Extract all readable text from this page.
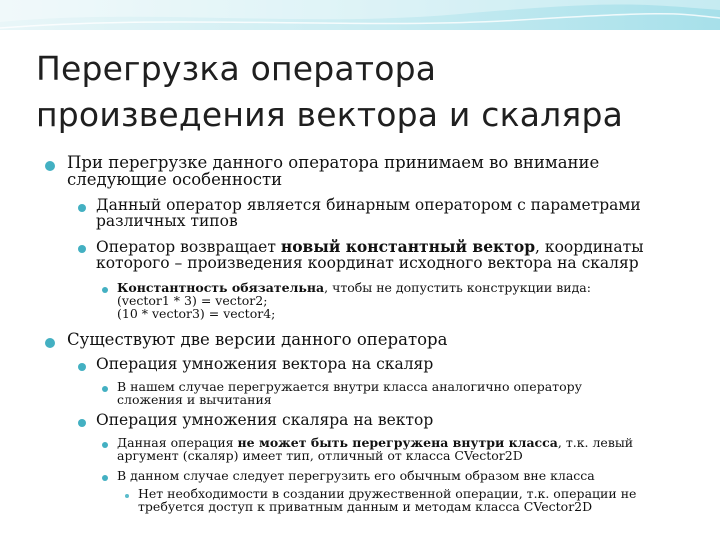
Перегрузка оператора
произведения вектора и скаляра
При перегрузке данного оператора принимаем во внимание следующие особенности
Данный оператор является бинарным оператором с параметрами различных типов
Оператор возвращает новый константный вектор, координаты которого – произведения координат исходного вектора на скаляр
Константность обязательна, чтобы не допустить конструкции вида:
(vector1 * 3) = vector2;
(10 * vector3) = vector4;
Существуют две версии данного оператора
Операция умножения вектора на скаляр
В нашем случае перегружается внутри класса аналогично оператору сложения и вычитания
Операция умножения скаляра на вектор
Данная операция не может быть перегружена внутри класса, т.к. левый аргумент (скаляр) имеет тип, отличный от класса CVector2D
В данном случае следует перегрузить его обычным образом вне класса
Нет необходимости в создании дружественной операции, т.к. операции не требуется доступ к приватным данным и методам класса CVector2D
